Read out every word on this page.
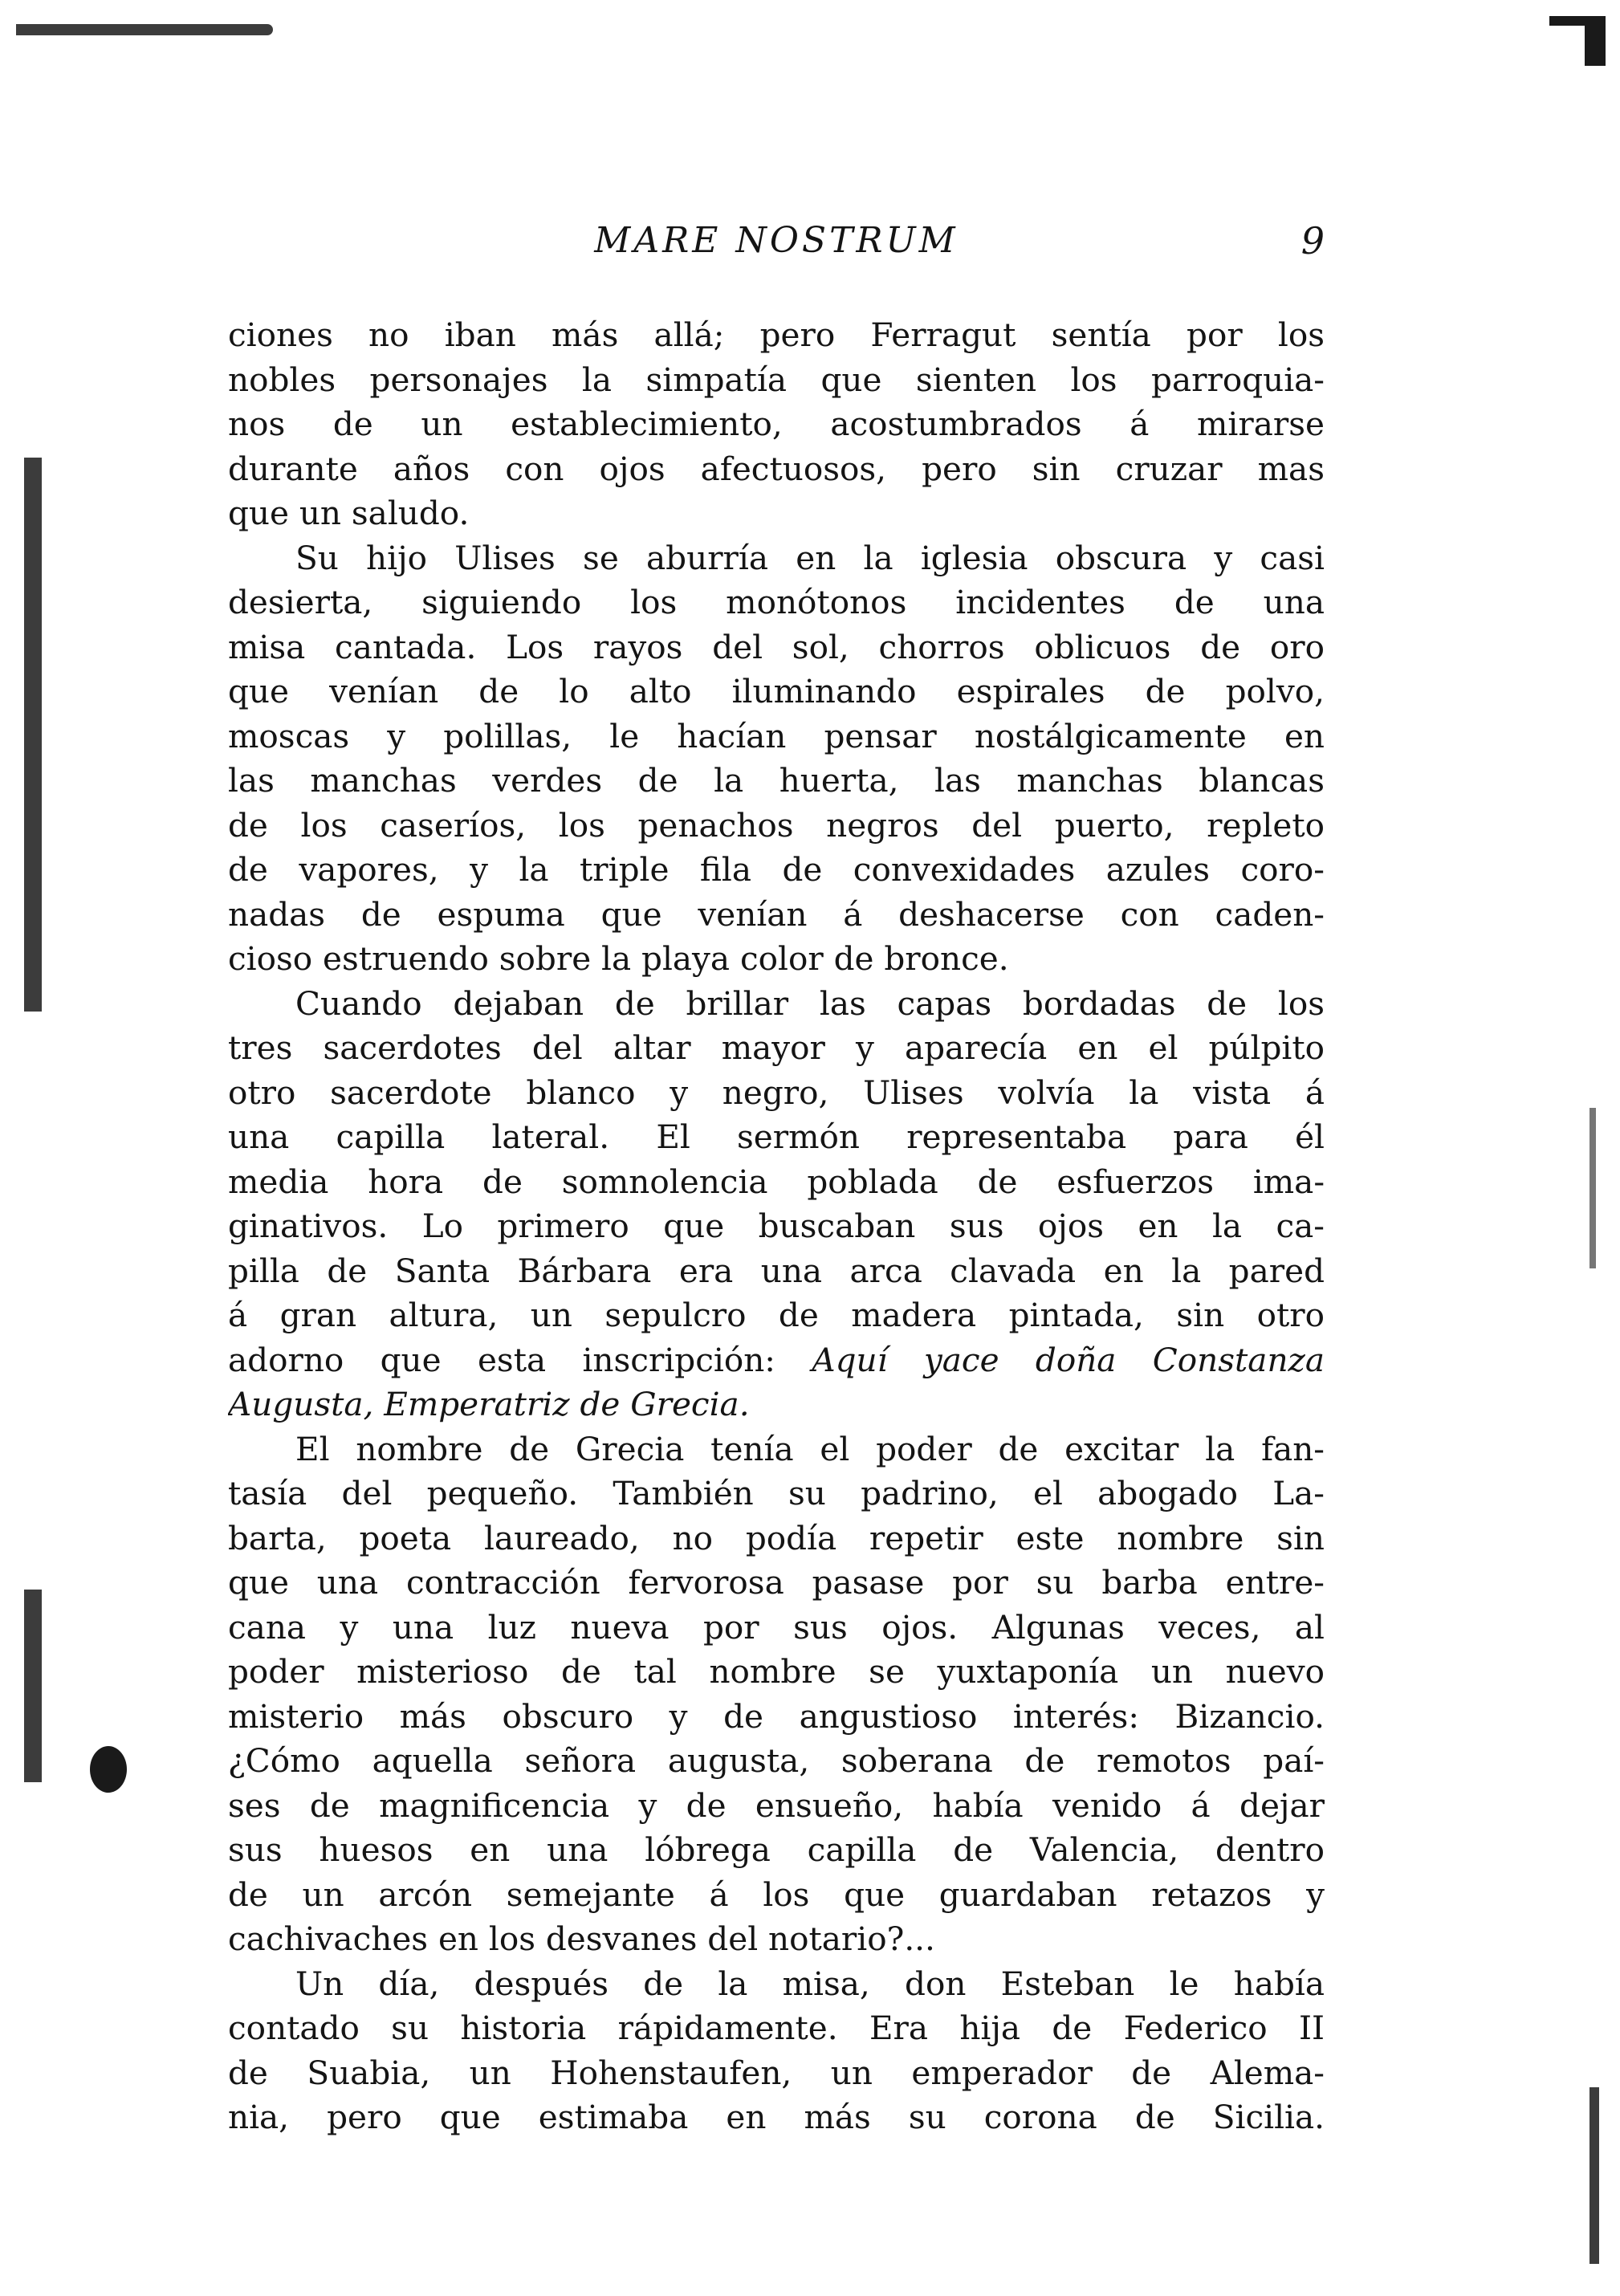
MARE NOSTRUM	9
ciones no iban más allá; pero Ferragut sentía por los
nobles personajes la simpatía que sienten los parroquia-
nos de un establecimiento, acostumbrados á mirarse
durante años con ojos afectuosos, pero sin cruzar mas
que un saludo.
Su hijo Ulises se aburría en la iglesia obscura y casi
desierta, siguiendo los monótonos incidentes de una
misa cantada. Los rayos del sol, chorros oblicuos de oro
que venían de lo alto iluminando espirales de polvo,
moscas y polillas, le hacían pensar nostálgicamente en
las manchas verdes de la huerta, las manchas blancas
de los caseríos, los penachos negros del puerto, repleto
de vapores, y la triple fila de convexidades azules coro-
nadas de espuma que venían á deshacerse con caden-
cioso estruendo sobre la playa color de bronce.
Cuando dejaban de brillar las capas bordadas de los
tres sacerdotes del altar mayor y aparecía en el púlpito
otro sacerdote blanco y negro, Ulises volvía la vista á
una capilla lateral. El sermón representaba para él
media hora de somnolencia poblada de esfuerzos ima-
ginativos. Lo primero que buscaban sus ojos en la ca-
pilla de Santa Bárbara era una arca clavada en la pared
á gran altura, un sepulcro de madera pintada, sin otro
adorno que esta inscripción: Aquí yace doña Constanza
Augusta, Emperatriz de Grecia.
El nombre de Grecia tenía el poder de excitar la fan-
tasía del pequeño. También su padrino, el abogado La-
barta, poeta laureado, no podía repetir este nombre sin
que una contracción fervorosa pasase por su barba entre-
cana y una luz nueva por sus ojos. Algunas veces, al
poder misterioso de tal nombre se yuxtaponía un nuevo
misterio más obscuro y de angustioso interés: Bizancio.
¿Cómo aquella señora augusta, soberana de remotos paí-
ses de magnificencia y de ensueño, había venido á dejar
sus huesos en una lóbrega capilla de Valencia, dentro
de un arcón semejante á los que guardaban retazos y
cachivaches en los desvanes del notario?...
Un día, después de la misa, don Esteban le había
contado su historia rápidamente. Era hija de Federico II
de Suabia, un Hohenstaufen, un emperador de Alema-
nia, pero que estimaba en más su corona de Sicilia.
